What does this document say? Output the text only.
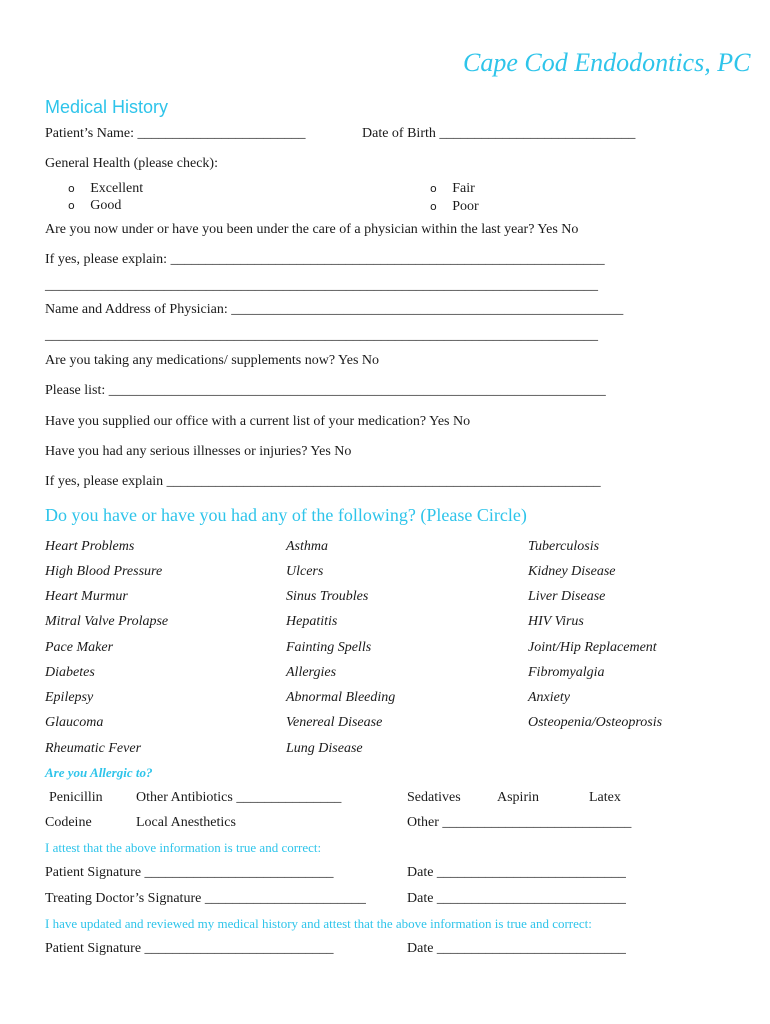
Cape Cod Endodontics, PC
Medical History
Patient’s Name: ________________________	Date of Birth ____________________________
General Health (please check):
o Excellent
o Good
o Fair
o Poor
Are you now under or have you been under the care of a physician within the last year? Yes No
If yes, please explain: ______________________________________________________________
_______________________________________________________________________________
Name and Address of Physician: ________________________________________________________
_______________________________________________________________________________
Are you taking any medications/ supplements now? Yes No
Please list: _______________________________________________________________________
Have you supplied our office with a current list of your medication? Yes No
Have you had any serious illnesses or injuries? Yes No
If yes, please explain ______________________________________________________________
Do you have or have you had any of the following? (Please Circle)
Heart Problems	Asthma	Tuberculosis
High Blood Pressure	Ulcers	Kidney Disease
Heart Murmur	Sinus Troubles	Liver Disease
Mitral Valve Prolapse	Hepatitis	HIV Virus
Pace Maker	Fainting Spells	Joint/Hip Replacement
Diabetes	Allergies	Fibromyalgia
Epilepsy	Abnormal Bleeding	Anxiety
Glaucoma	Venereal Disease	Osteopenia/Osteoprosis
Rheumatic Fever	Lung Disease
Are you Allergic to?
Penicillin Other Antibiotics _______________	Sedatives	Aspirin	Latex
Codeine	Local Anesthetics	Other ___________________________
I attest that the above information is true and correct:
Patient Signature ___________________________	Date ___________________________
Treating Doctor’s Signature _______________________	Date ___________________________
I have updated and reviewed my medical history and attest that the above information is true and correct:
Patient Signature ___________________________	Date ___________________________
